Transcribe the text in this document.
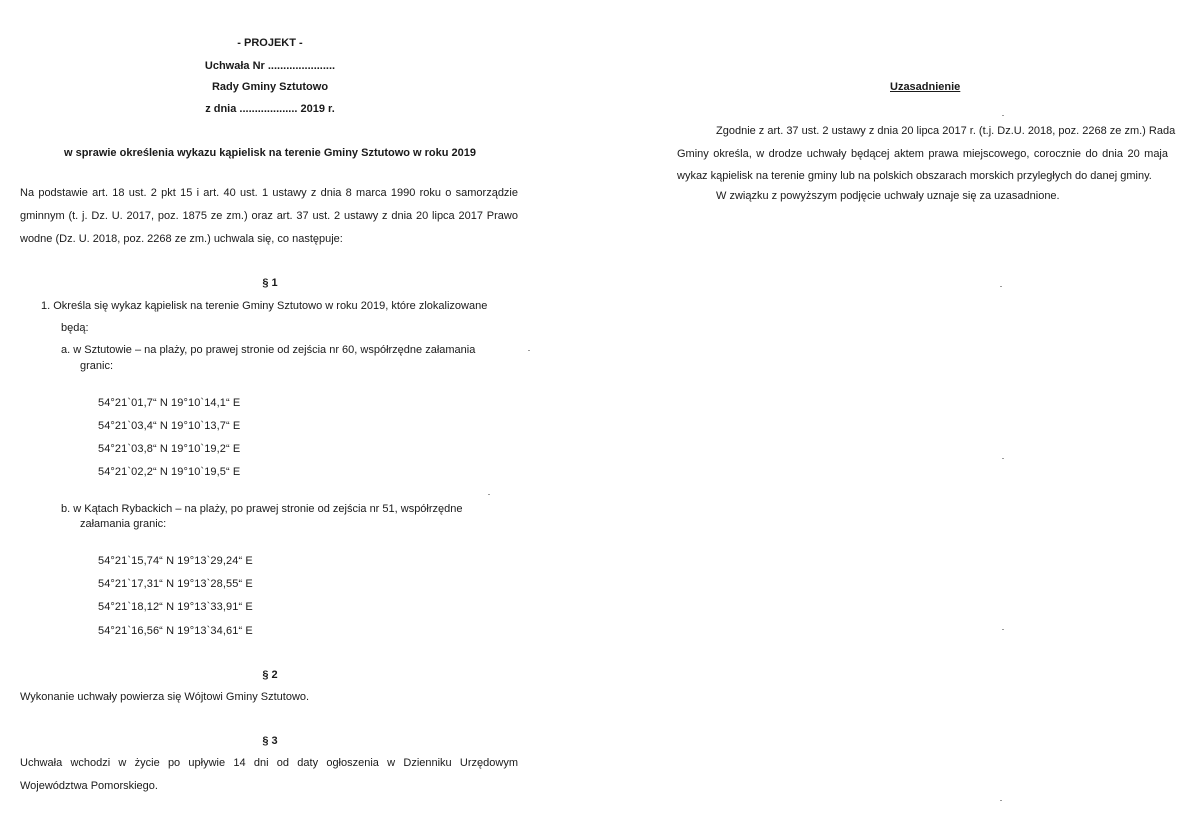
- PROJEKT -
Uchwała Nr ......................
Rady Gminy Sztutowo
z dnia ................... 2019 r.
w sprawie określenia wykazu kąpielisk na terenie Gminy Sztutowo w roku 2019
Na podstawie art. 18 ust. 2 pkt 15 i art. 40 ust. 1 ustawy z dnia 8 marca 1990 roku o samorządzie
gminnym (t. j. Dz. U. 2017, poz. 1875 ze zm.) oraz art. 37 ust. 2 ustawy z dnia 20 lipca 2017 Prawo
wodne (Dz. U. 2018, poz. 2268 ze zm.) uchwala się, co następuje:
§ 1
1. Określa się wykaz kąpielisk na terenie Gminy Sztutowo w roku 2019, które zlokalizowane
będą:
a. w Sztutowie – na plaży, po prawej stronie od zejścia nr 60, współrzędne załamania
granic:
54°21`01,7“ N 19°10`14,1“ E
54°21`03,4“ N 19°10`13,7“ E
54°21`03,8“ N 19°10`19,2“ E
54°21`02,2“ N 19°10`19,5“ E
b. w Kątach Rybackich – na plaży, po prawej stronie od zejścia nr 51, współrzędne
załamania granic:
54°21`15,74“ N 19°13`29,24“ E
54°21`17,31“ N 19°13`28,55“ E
54°21`18,12“ N 19°13`33,91“ E
54°21`16,56“ N 19°13`34,61“ E
§ 2
Wykonanie uchwały powierza się Wójtowi Gminy Sztutowo.
§ 3
Uchwała wchodzi w życie po upływie 14 dni od daty ogłoszenia w Dzienniku Urzędowym
Województwa Pomorskiego.
Uzasadnienie
Zgodnie z art. 37 ust. 2 ustawy z dnia 20 lipca 2017 r. (t.j. Dz.U. 2018, poz. 2268 ze zm.) Rada
Gminy określa, w drodze uchwały będącej aktem prawa miejscowego, corocznie do dnia 20 maja
wykaz kąpielisk na terenie gminy lub na polskich obszarach morskich przyległych do danej gminy.
W związku z powyższym podjęcie uchwały uznaje się za uzasadnione.
